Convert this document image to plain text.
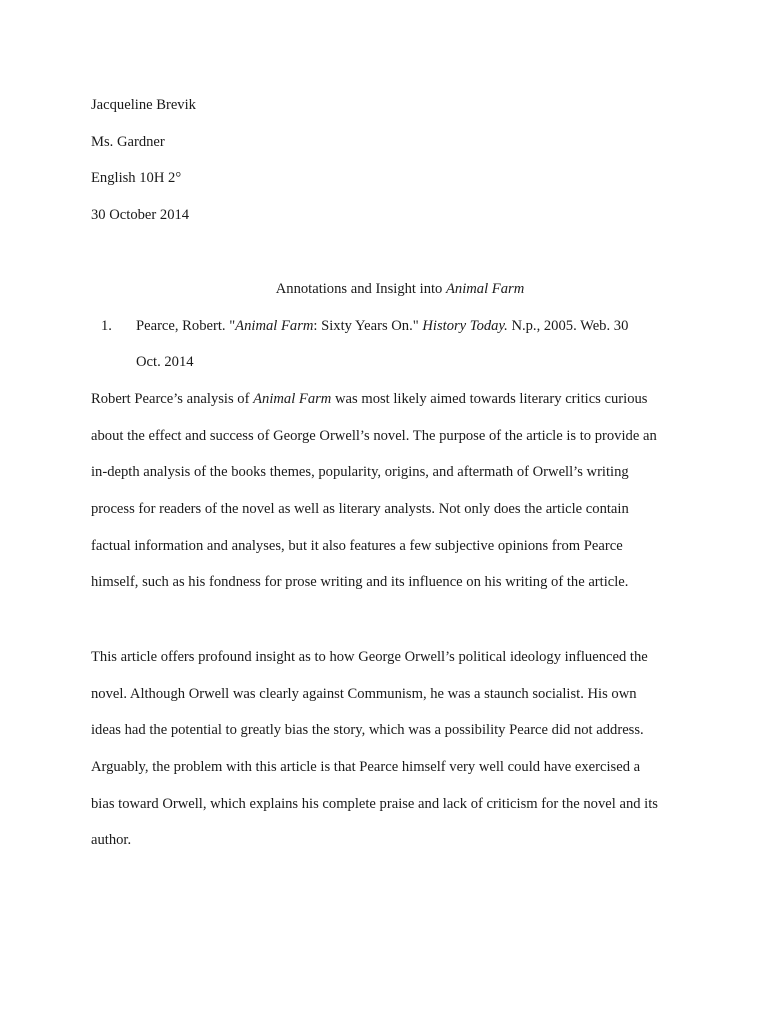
Jacqueline Brevik
Ms. Gardner
English 10H 2°
30 October 2014
Annotations and Insight into Animal Farm
1. Pearce, Robert. "Animal Farm: Sixty Years On." History Today. N.p., 2005. Web. 30
Oct. 2014
Robert Pearce’s analysis of Animal Farm was most likely aimed towards literary critics curious
about the effect and success of George Orwell’s novel. The purpose of the article is to provide an
in-depth analysis of the books themes, popularity, origins, and aftermath of Orwell’s writing
process for readers of the novel as well as literary analysts. Not only does the article contain
factual information and analyses, but it also features a few subjective opinions from Pearce
himself, such as his fondness for prose writing and its influence on his writing of the article.
This article offers profound insight as to how George Orwell’s political ideology influenced the
novel. Although Orwell was clearly against Communism, he was a staunch socialist. His own
ideas had the potential to greatly bias the story, which was a possibility Pearce did not address.
Arguably, the problem with this article is that Pearce himself very well could have exercised a
bias toward Orwell, which explains his complete praise and lack of criticism for the novel and its
author.
